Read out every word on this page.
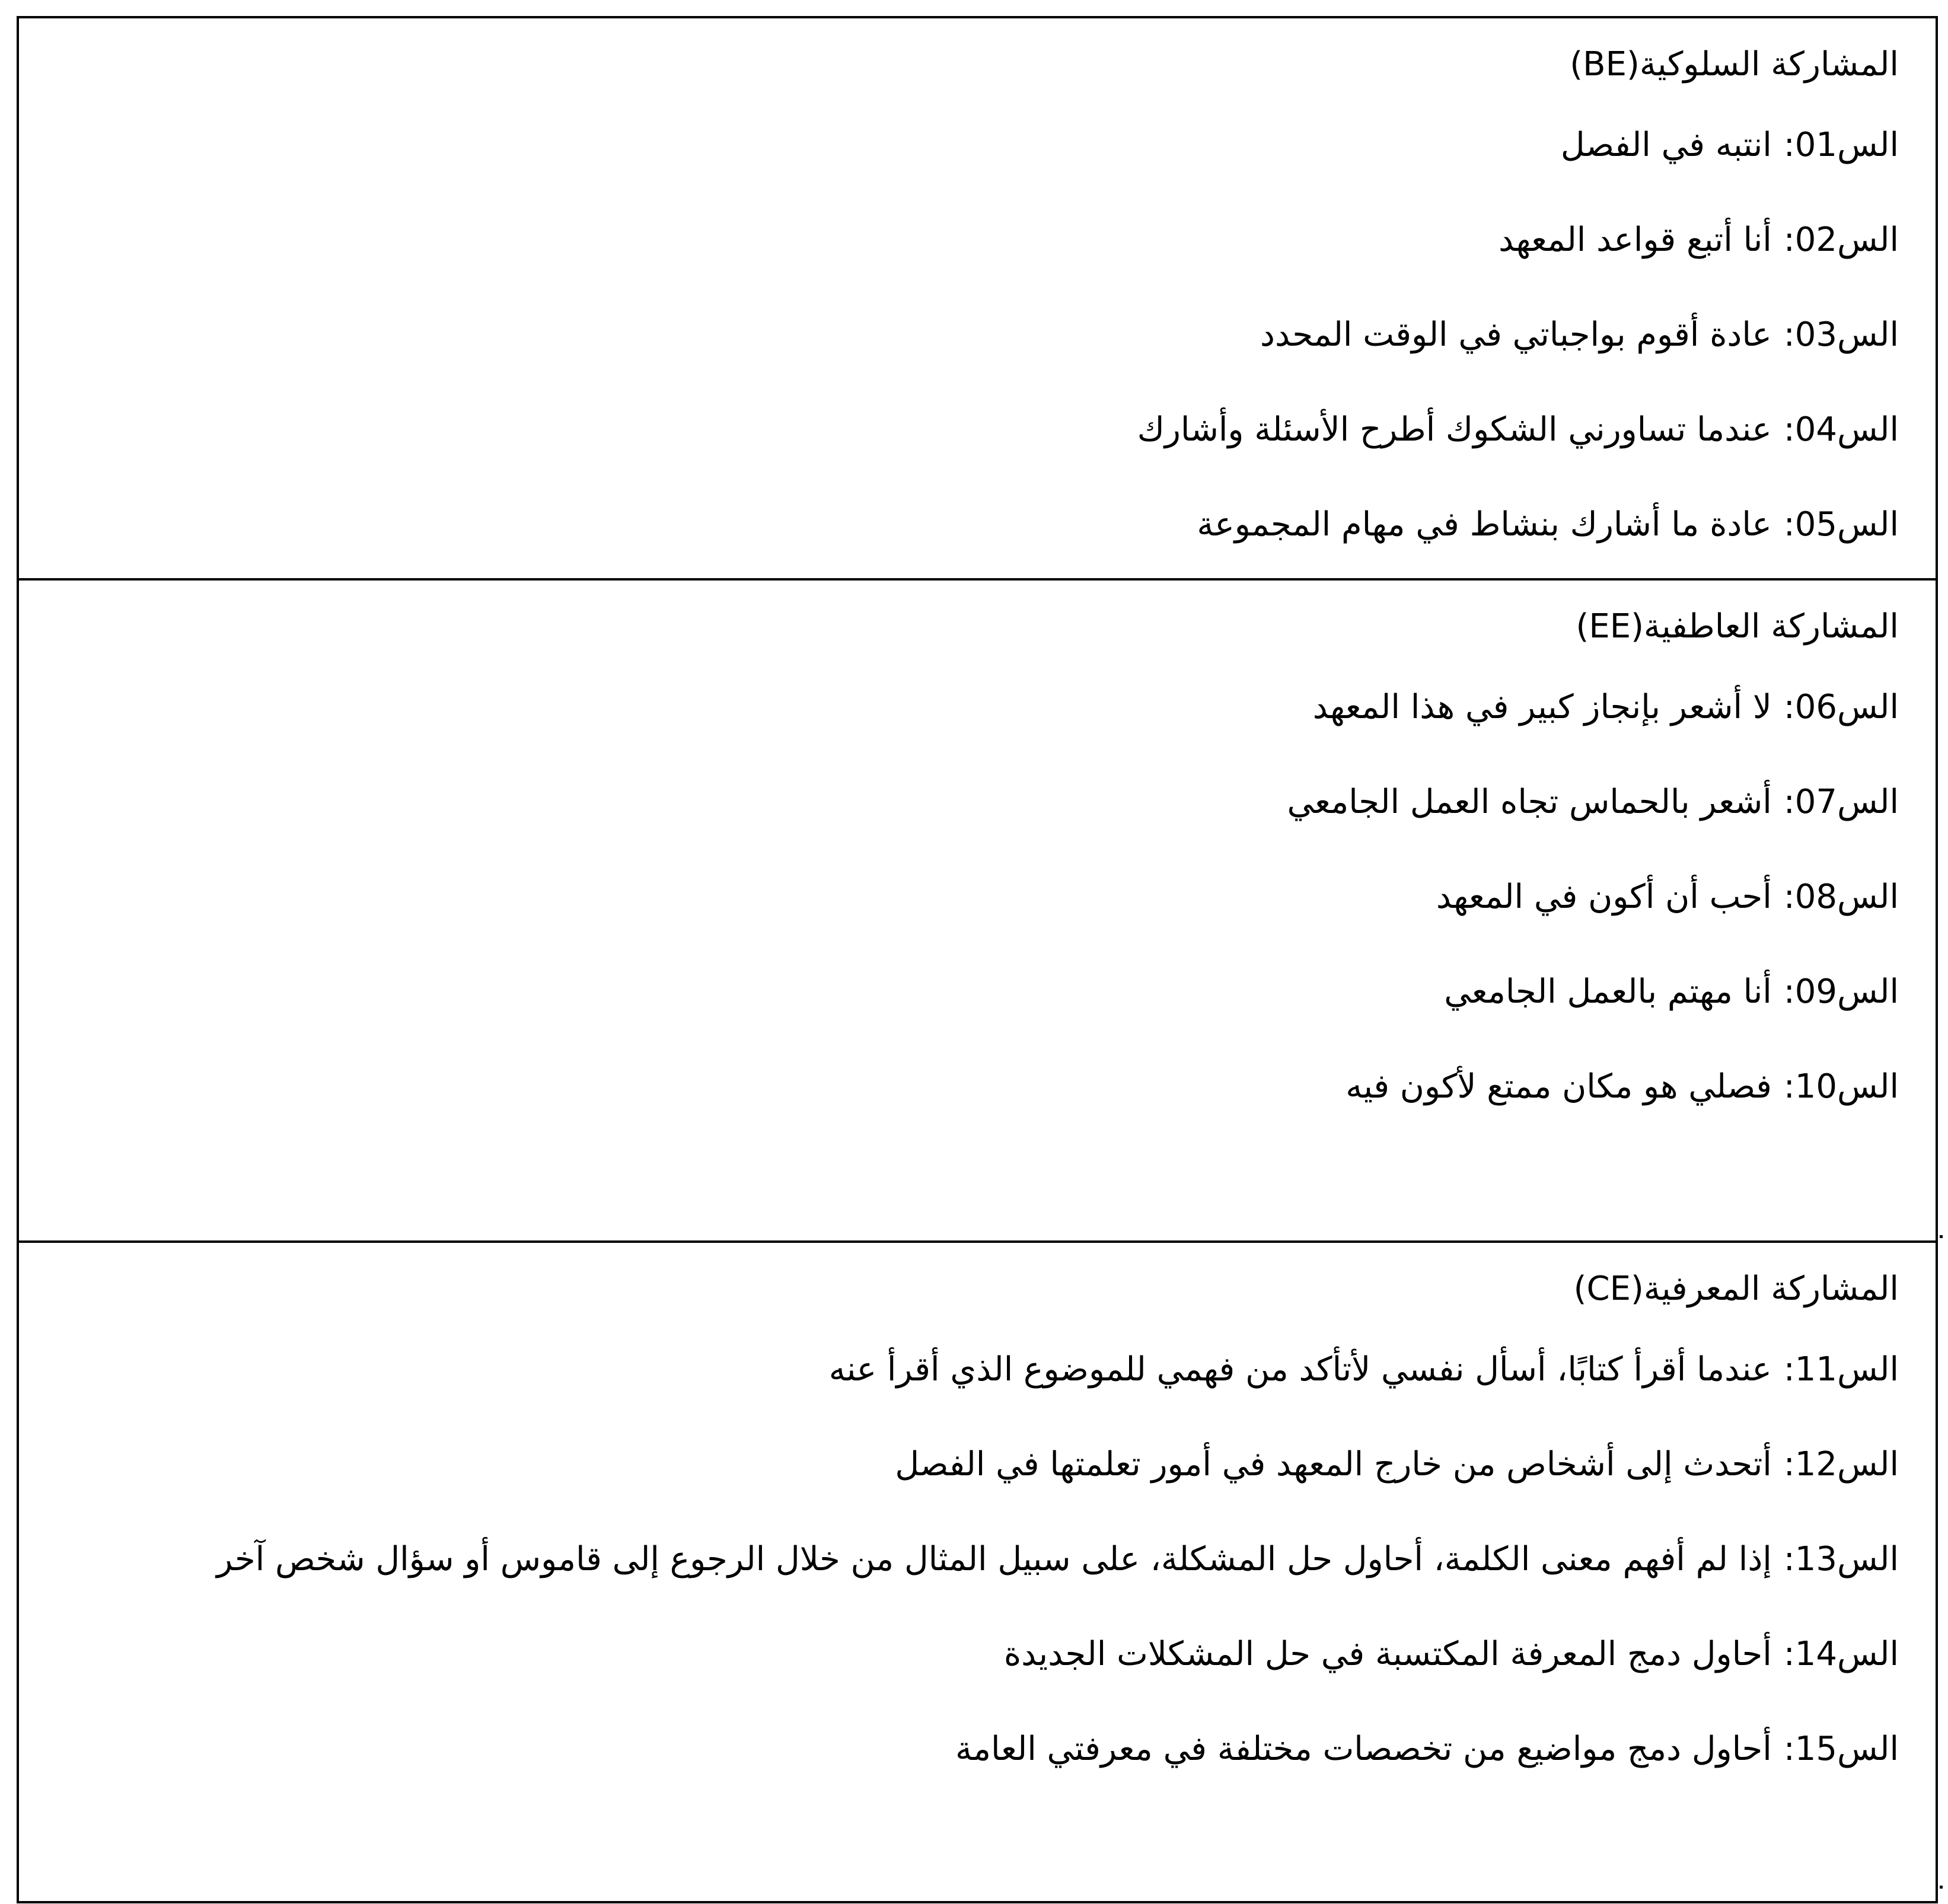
المشاركة السلوكية(BE)
الس01:انتبه في الفصل
الس02:أنا أتبع قواعد المعهد
الس03:عادة أقوم بواجباتي في الوقت المحدد
الس04:عندما تساورني الشكوك أطرح الأسئلة وأشارك
الس05:عادة ما أشارك بنشاط في مهام المجموعة
المشاركة العاطفية(EE)
الس06:لا أشعر بإنجاز كبير في هذا المعهد
الس07:أشعر بالحماس تجاه العمل الجامعي
الس08:أحب أن أكون في المعهد
الس09:أنا مهتم بالعمل الجامعي
الس10:فصلي هو مكان ممتع لأكون فيه
المشاركة المعرفية(CE)
الس11:عندما أقرأ كتابًا، أسأل نفسي لأتأكد من فهمي للموضوع الذي أقرأ عنه
الس12:أتحدث إلى أشخاص من خارج المعهد في أمور تعلمتها في الفصل
الس13:إذا لم أفهم معنى الكلمة، أحاول حل المشكلة، على سبيل المثال من خلال الرجوع إلى قاموس أو سؤال شخص آخر
الس14:أحاول دمج المعرفة المكتسبة في حل المشكلات الجديدة
الس15:أحاول دمج مواضيع من تخصصات مختلفة في معرفتي العامة
